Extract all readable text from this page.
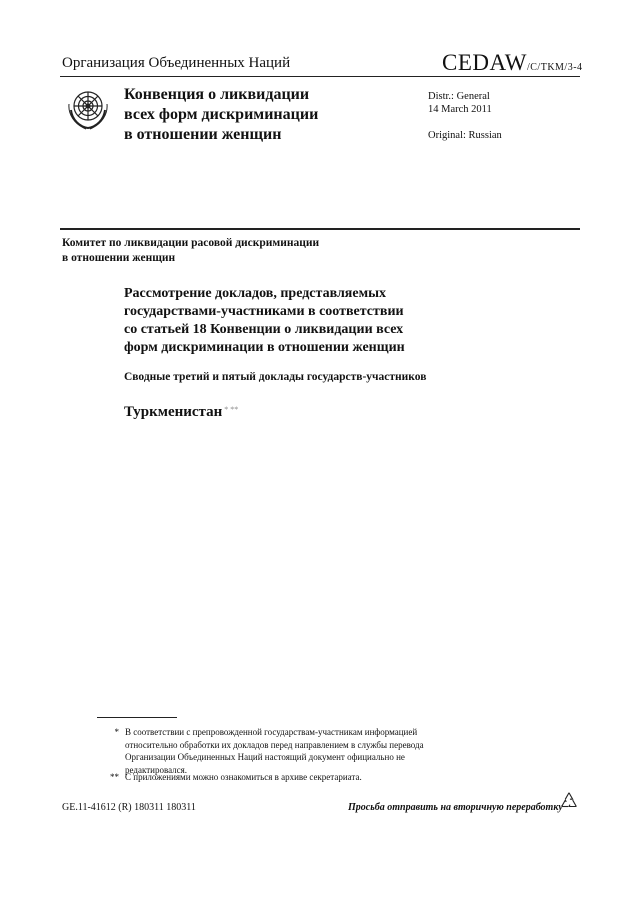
Организация Объединенных Наций	CEDAW/C/TKM/3-4
Конвенция о ликвидации
всех форм дискриминации
в отношении женщин
Distr.: General
14 March 2011
Original: Russian
Комитет по ликвидации расовой дискриминации
в отношении женщин
Рассмотрение докладов, представляемых
государствами-участниками в соответствии
со статьей 18 Конвенции о ликвидации всех
форм дискриминации в отношении женщин
Сводные третий и пятый доклады государств-участников
Туркменистан * **
* В соответствии с препровожденной государствам-участникам информацией
относительно обработки их докладов перед направлением в службы перевода
Организации Объединенных Наций настоящий документ официально не
редактировался.
** С приложениями можно ознакомиться в архиве секретариата.
GE.11-41612 (R) 180311 180311	Просьба отправить на вторичную переработку
